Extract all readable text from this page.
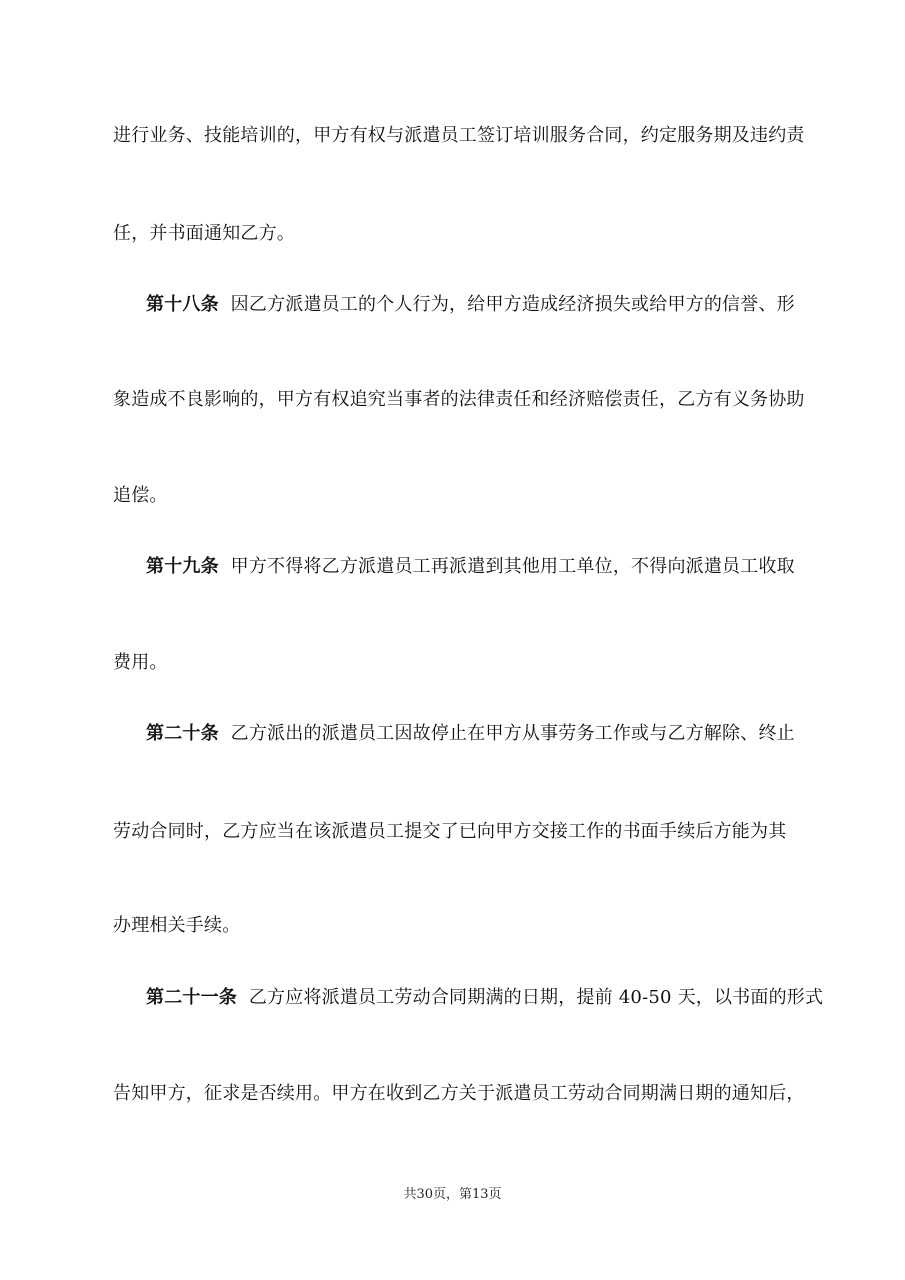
进行业务、技能培训的，甲方有权与派遣员工签订培训服务合同，约定服务期及违约责
任，并书面通知乙方。
第十八条 因乙方派遣员工的个人行为，给甲方造成经济损失或给甲方的信誉、形
象造成不良影响的，甲方有权追究当事者的法律责任和经济赔偿责任，乙方有义务协助
追偿。
第十九条 甲方不得将乙方派遣员工再派遣到其他用工单位，不得向派遣员工收取
费用。
第二十条 乙方派出的派遣员工因故停止在甲方从事劳务工作或与乙方解除、终止
劳动合同时，乙方应当在该派遣员工提交了已向甲方交接工作的书面手续后方能为其
办理相关手续。
第二十一条 乙方应将派遣员工劳动合同期满的日期，提前 40-50 天，以书面的形式
告知甲方，征求是否续用。甲方在收到乙方关于派遣员工劳动合同期满日期的通知后，
共30页，第13页
